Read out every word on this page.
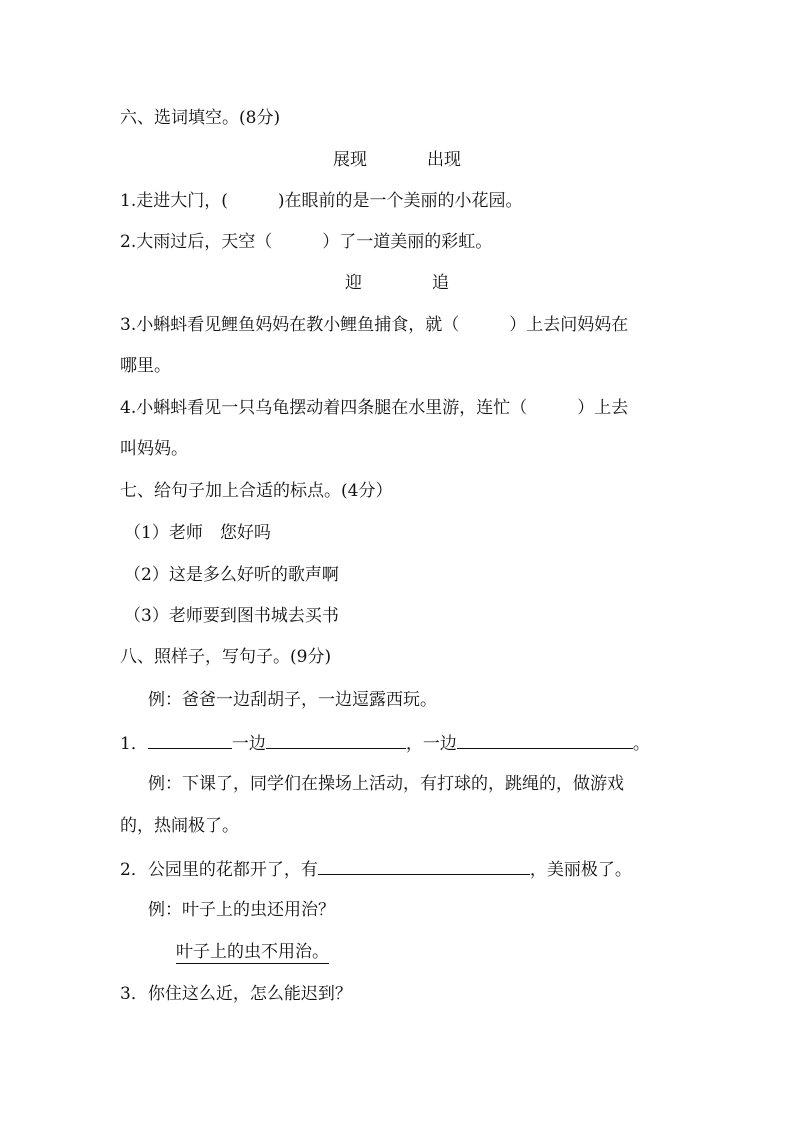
六、选词填空。(8分)
展现	出现
1.走进大门，(	)在眼前的是一个美丽的小花园。
2.大雨过后，天空（	）了一道美丽的彩虹。
迎	追
3.小蝌蚪看见鲤鱼妈妈在教小鲤鱼捕食，就（	）上去问妈妈在
哪里。
4.小蝌蚪看见一只乌龟摆动着四条腿在水里游，连忙（	）上去
叫妈妈。
七、给句子加上合适的标点。(4分）
（1）老师　您好吗
（2）这是多么好听的歌声啊
（3）老师要到图书城去买书
八、照样子，写句子。(9分)
例：爸爸一边刮胡子，一边逗露西玩。
1．	一边	，一边	。
例：下课了，同学们在操场上活动，有打球的，跳绳的，做游戏
的，热闹极了。
2．公园里的花都开了，有	，美丽极了。
例：叶子上的虫还用治？
叶子上的虫不用治。
3．你住这么近，怎么能迟到？
